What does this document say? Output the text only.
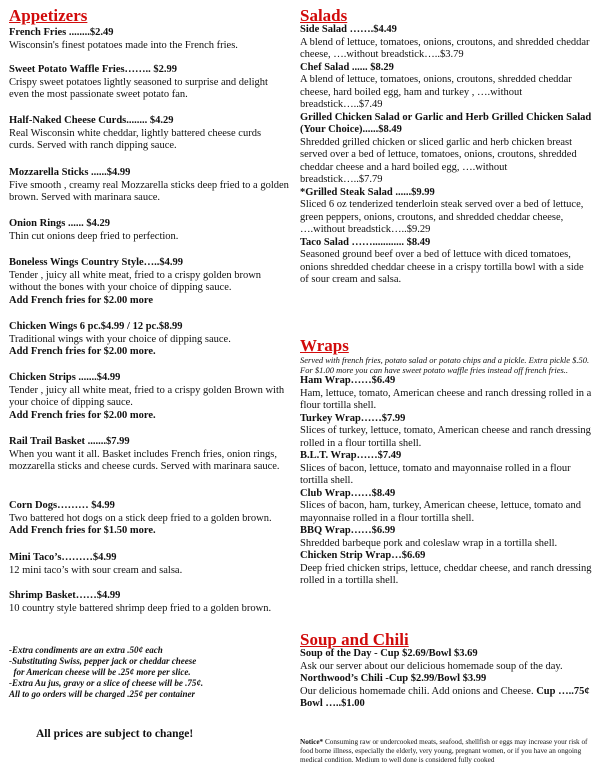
Appetizers
French Fries ........$2.49
Wisconsin's finest potatoes made into the French fries.
Sweet Potato Waffle Fries…….. $2.99
Crispy sweet potatoes lightly seasoned to surprise and delight even the most passionate sweet potato fan.
Half-Naked Cheese Curds........ $4.29
Real Wisconsin white cheddar, lightly battered cheese curds curds. Served with ranch dipping sauce.
Mozzarella Sticks ......$4.99
Five smooth , creamy real Mozzarella sticks deep fried to a golden brown. Served with marinara sauce.
Onion Rings ...... $4.29
Thin cut onions deep fried to perfection.
Boneless Wings Country Style…..$4.99
Tender , juicy all white meat, fried to a crispy golden brown without the bones with your choice of dipping sauce.
Add French fries for $2.00 more
Chicken Wings 6 pc.$4.99 / 12 pc.$8.99
Traditional wings with your choice of dipping sauce.
Add French fries for $2.00 more.
Chicken Strips .......$4.99
Tender , juicy all white meat, fried to a crispy golden Brown with your choice of dipping sauce.
Add French fries for $2.00 more.
Rail Trail Basket .......$7.99
When you want it all. Basket includes French fries, onion rings, mozzarella sticks and cheese curds. Served with marinara sauce.
Corn Dogs……… $4.99
Two battered hot dogs on a stick deep fried to a golden brown.
Add French fries for $1.50 more.
Mini Taco’s………$4.99
12 mini taco’s with sour cream and salsa.
Shrimp Basket……$4.99
10 country style battered shrimp deep fried to a golden brown.
-Extra condiments are an extra .50¢ each
-Substituting Swiss, pepper jack or cheddar cheese
for American cheese will be .25¢ more per slice.
-Extra Au jus, gravy or a slice of cheese will be .75¢.
All to go orders will be charged .25¢ per container
All prices are subject to change!
Salads
Side Salad …….$4.49
A blend of lettuce, tomatoes, onions, croutons, and shredded cheddar cheese, ….without breadstick…..$3.79
Chef Salad ...... $8.29
A blend of lettuce, tomatoes, onions, croutons, shredded cheddar cheese, hard boiled egg, ham and turkey , ….without breadstick…..$7.49
Grilled Chicken Salad or Garlic and Herb Grilled Chicken Salad (Your Choice)......$8.49
Shredded grilled chicken or sliced garlic and herb chicken breast served over a bed of lettuce, tomatoes, onions, croutons, shredded cheddar cheese and a hard boiled egg, ….without breadstick…..$7.79
*Grilled Steak Salad ......$9.99
Sliced 6 oz tenderized tenderloin steak served over a bed of lettuce, green peppers, onions, croutons, and shredded cheddar cheese, ….without breadstick…..$9.29
Taco Salad ……............ $8.49
Seasoned ground beef over a bed of lettuce with diced tomatoes, onions shredded cheddar cheese in a crispy tortilla bowl with a side of sour cream and salsa.
Wraps
Served with french fries, potato salad or potato chips and a pickle. Extra pickle $.50. For $1.00 more you can have sweet potato waffle fries instead off french fries..
Ham Wrap……$6.49
Ham, lettuce, tomato, American cheese and ranch dressing rolled in a flour tortilla shell.
Turkey Wrap……$7.99
Slices of turkey, lettuce, tomato, American cheese and ranch dressing rolled in a flour tortilla shell.
B.L.T. Wrap……$7.49
Slices of bacon, lettuce, tomato and mayonnaise rolled in a flour tortilla shell.
Club Wrap……$8.49
Slices of bacon, ham, turkey, American cheese, lettuce, tomato and mayonnaise rolled in a flour tortilla shell.
BBQ Wrap……$6.99
Shredded barbeque pork and coleslaw wrap in a tortilla shell.
Chicken Strip Wrap…$6.69
Deep fried chicken strips, lettuce, cheddar cheese, and ranch dressing rolled in a tortilla shell.
Soup and Chili
Soup of the Day - Cup $2.69/Bowl $3.69
Ask our server about our delicious homemade soup of the day.
Northwood’s Chili -Cup $2.99/Bowl $3.99
Our delicious homemade chili. Add onions and Cheese. Cup …..75¢ Bowl …..$1.00
Notice* Consuming raw or undercooked meats, seafood, shellfish or eggs may increase your risk of food borne illness, especially the elderly, very young, pregnant women, or if you have an ongoing medical condition. Medium to well done is considered fully cooked
